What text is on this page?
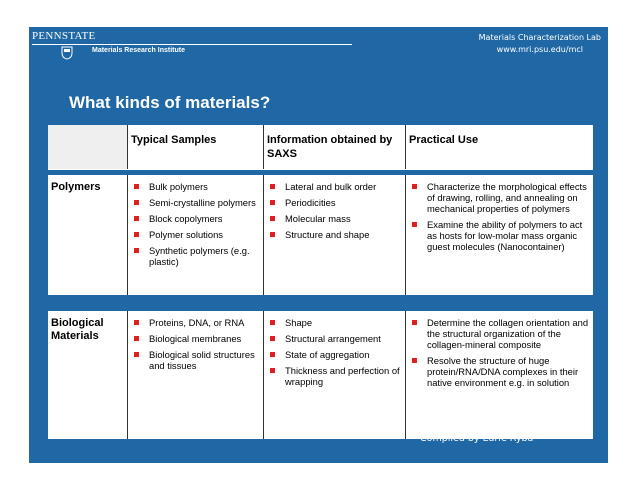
PENNSTATE
Materials Research Institute
Materials Characterization Lab
www.mri.psu.edu/mcl
What kinds of materials?
Typical Samples	Information obtained by SAXS
Practical Use
Polymers	Bulk polymers
Semi-crystalline polymers
Block copolymers
Polymer solutions
Synthetic polymers (e.g. plastic)
Lateral and bulk order
Periodicities
Molecular mass
Structure and shape
Characterize the morphological effects of drawing, rolling, and annealing on mechanical properties of polymers
Examine the ability of polymers to act as hosts for low-molar mass organic guest molecules (Nanocontainer)
Biological Materials
Proteins, DNA, or RNA
Biological membranes
Biological solid structures and tissues
Shape
Structural arrangement
State of aggregation
Thickness and perfection of wrapping
Determine the collagen orientation and the structural organization of the collagen-mineral composite
Resolve the structure of huge protein/RNA/DNA complexes in their native environment e.g. in solution
Compiled by Earle Ryba
